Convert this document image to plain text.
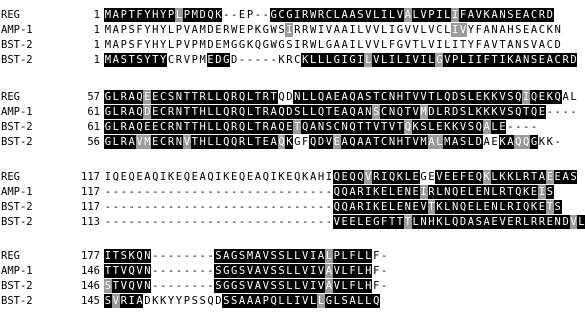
REG	1 M A P T F Y H Y P L P M D Q K - - E P - - G C G I R W R C L A A S V L I L V A L V P I L I F A V K A N S E A C R D
AMP-1	1 M A P S F Y H Y L P V A M D E R W E P K G W S I R R W I V A A I L V V L I G V V L V C L I V Y F A N A H S E A C K N
BST-2	1 M A P S F Y H Y L P V P M D E M G G K Q G W G S I R W L G A A I L V V L F G V T L V I L I T Y F A V T A N S V A C D
BST-2	1 M A S T S Y T Y C R V P M E D G D - - - - - K R C K L L L G I G I L V L I L I V I L G V P L I I F T I K A N S E A C R D
REG	57 G L R A Q E E C S N T T R L L Q R Q L T R T Q D N L L Q A E A Q A S T C N H T V V T L Q D S L E K K V S Q I Q E K Q A L
AMP-1	61 G L R A Q D E C R N T T H L L Q R Q L T R A Q D S L L Q T E A Q A N S C N Q T V M D L R D S L K K K V S Q T Q E - - - -
BST-2	61 G L R A Q E E C R N T T H L L Q R Q L T R A Q E T Q A N S C N Q T T V T V T Q K S L E K K V S Q A L E - - - -
BST-2	56 G L R A V M E C R N V T H L L Q Q R L T E A Q K G F Q D V E A Q A A T C N H T V M A L M A S L D A E K A Q Q G K K -
REG	117 I Q E Q E A Q I K E Q E A Q I K E Q E A Q I K E Q K A H I Q E Q Q V R I Q K L E G E V E E F E Q K L K K L R T A E E A S
AMP-1	117 - - - - - - - - - - - - - - - - - - - - - - - - - - - - - Q Q A R I K E L E N E I R L N Q E L E N L R T Q K E I S
BST-2	117 - - - - - - - - - - - - - - - - - - - - - - - - - - - - - Q Q A R I K E L E N E V T K L N Q E L E N L R I Q K E T S
BST-2	113 - - - - - - - - - - - - - - - - - - - - - - - - - - - - - V E E L E G F T T T L N H K L Q D A S A E V E R L R R E N D V L
REG	177 I T S K Q N - - - - - - - - S A G S M A V S S L L V I A L P L F L L F -
AMP-1	146 T T V Q V N - - - - - - - - S G G S V A V S S L L V I V A V L F L H F -
BST-2	146 S T V Q V N - - - - - - - - S G G S V A V S S L L V I V A V L F L H F -
BST-2	145 S V R I A D K K Y Y P S S Q D S S A A A P Q L L I V L L G L S A L L Q
